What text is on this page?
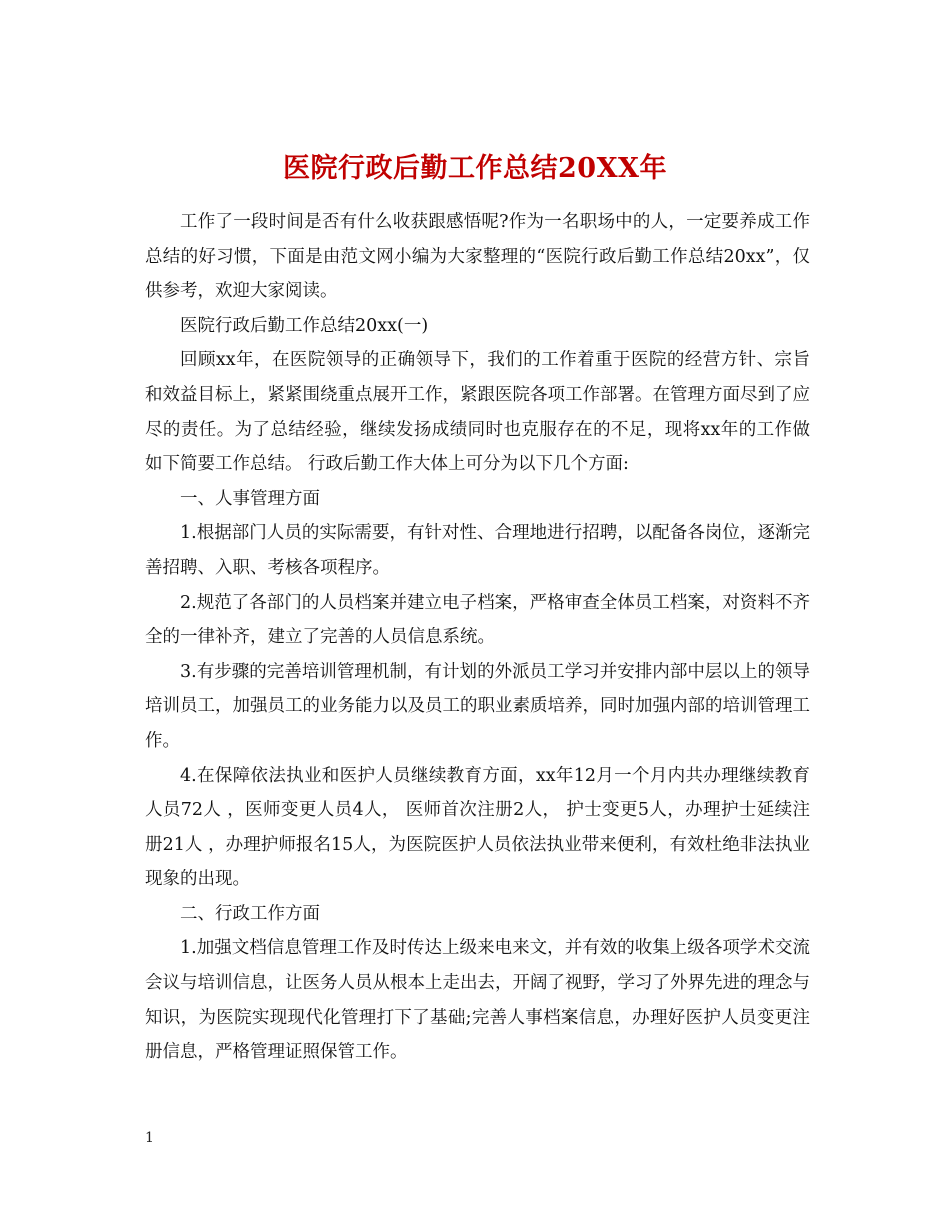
医院行政后勤工作总结20XX年

工作了一段时间是否有什么收获跟感悟呢?作为一名职场中的人，一定要养成工作总结的好习惯，下面是由范文网小编为大家整理的“医院行政后勤工作总结20xx”，仅供参考，欢迎大家阅读。

医院行政后勤工作总结20xx(一)

回顾xx年，在医院领导的正确领导下，我们的工作着重于医院的经营方针、宗旨和效益目标上，紧紧围绕重点展开工作，紧跟医院各项工作部署。在管理方面尽到了应尽的责任。为了总结经验，继续发扬成绩同时也克服存在的不足，现将xx年的工作做如下简要工作总结。 行政后勤工作大体上可分为以下几个方面:

一、人事管理方面

1.根据部门人员的实际需要，有针对性、合理地进行招聘，以配备各岗位，逐渐完善招聘、入职、考核各项程序。

2.规范了各部门的人员档案并建立电子档案，严格审查全体员工档案，对资料不齐全的一律补齐，建立了完善的人员信息系统。

3.有步骤的完善培训管理机制，有计划的外派员工学习并安排内部中层以上的领导培训员工，加强员工的业务能力以及员工的职业素质培养，同时加强内部的培训管理工作。

4.在保障依法执业和医护人员继续教育方面，xx年12月一个月内共办理继续教育人员72人 ，医师变更人员4人， 医师首次注册2人， 护士变更5人，办理护士延续注册21人 ，办理护师报名15人，为医院医护人员依法执业带来便利，有效杜绝非法执业现象的出现。

二、行政工作方面

1.加强文档信息管理工作及时传达上级来电来文，并有效的收集上级各项学术交流会议与培训信息，让医务人员从根本上走出去，开阔了视野，学习了外界先进的理念与知识，为医院实现现代化管理打下了基础;完善人事档案信息，办理好医护人员变更注册信息，严格管理证照保管工作。

1
